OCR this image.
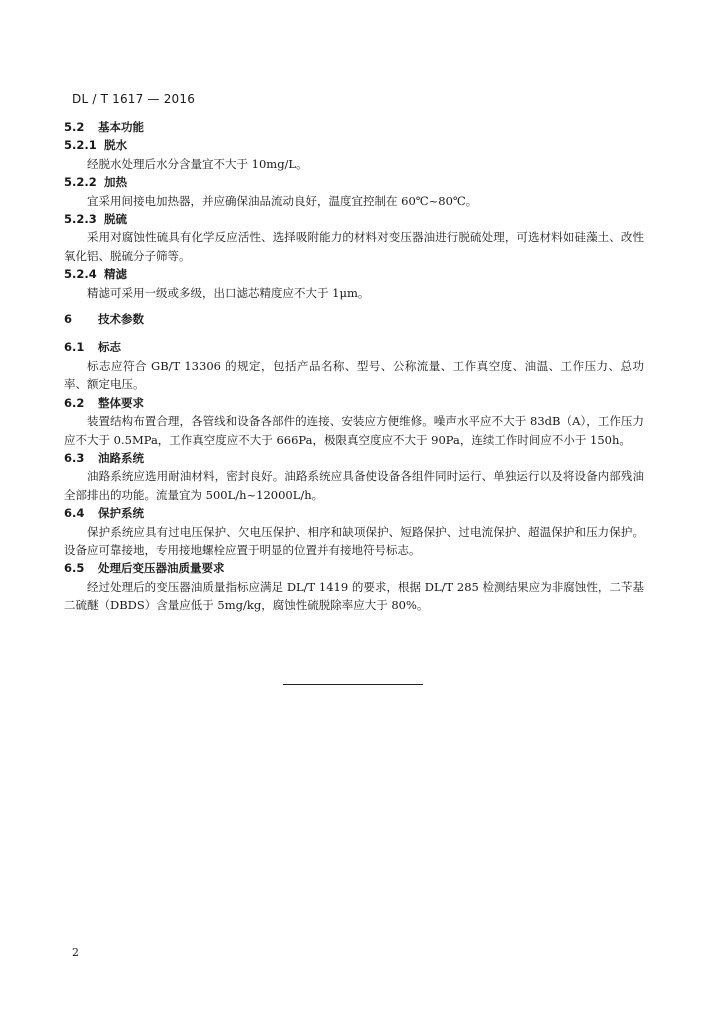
DL / T 1617 — 2016
5.2 基本功能
5.2.1 脱水

经脱水处理后水分含量宜不大于 10mg/L。

5.2.2 加热

宜采用间接电加热器，并应确保油品流动良好，温度宜控制在 60℃~80℃。

5.2.3 脱硫

采用对腐蚀性硫具有化学反应活性、选择吸附能力的材料对变压器油进行脱硫处理，可选材料如硅藻土、改性氧化铝、脱硫分子筛等。

5.2.4 精滤

精滤可采用一级或多级，出口滤芯精度应不大于 1μm。

6 技术参数
6.1 标志

标志应符合 GB/T 13306 的规定，包括产品名称、型号、公称流量、工作真空度、油温、工作压力、总功率、额定电压。

6.2 整体要求

装置结构布置合理，各管线和设备各部件的连接、安装应方便维修。噪声水平应不大于 83dB（A），工作压力应不大于 0.5MPa，工作真空度应不大于 666Pa，极限真空度应不大于 90Pa，连续工作时间应不小于 150h。

6.3 油路系统

油路系统应选用耐油材料，密封良好。油路系统应具备使设备各组件同时运行、单独运行以及将设备内部残油全部排出的功能。流量宜为 500L/h~12000L/h。

6.4 保护系统

保护系统应具有过电压保护、欠电压保护、相序和缺项保护、短路保护、过电流保护、超温保护和压力保护。设备应可靠接地，专用接地螺栓应置于明显的位置并有接地符号标志。

6.5 处理后变压器油质量要求

经过处理后的变压器油质量指标应满足 DL/T 1419 的要求，根据 DL/T 285 检测结果应为非腐蚀性，二苄基二硫醚（DBDS）含量应低于 5mg/kg，腐蚀性硫脱除率应大于 80%。

2
